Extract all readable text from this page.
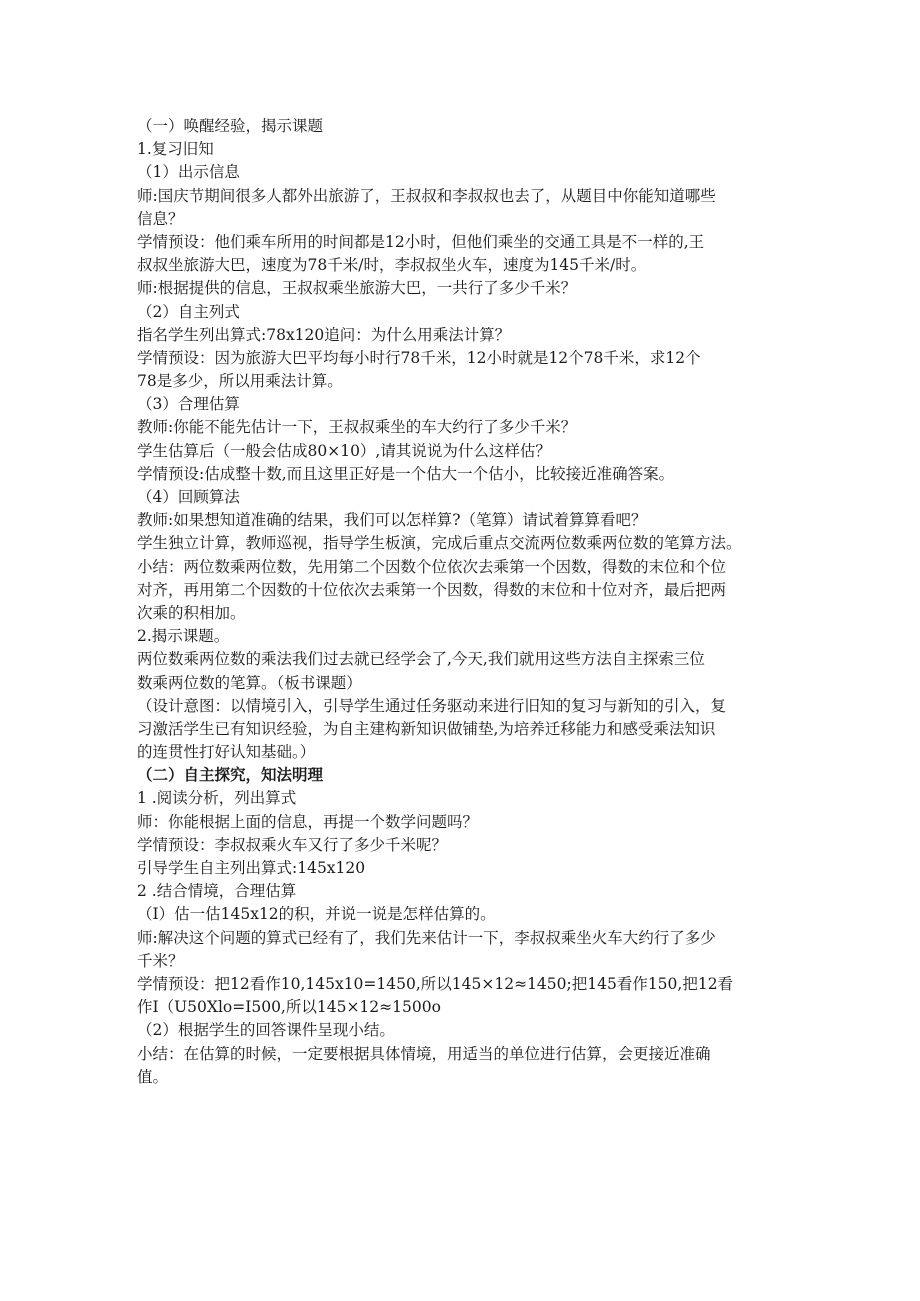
（一）唤醒经验，揭示课题
1.复习旧知
（1）出示信息
师:国庆节期间很多人都外出旅游了，王叔叔和李叔叔也去了，从题目中你能知道哪些
信息？
学情预设：他们乘车所用的时间都是12小时，但他们乘坐的交通工具是不一样的,王
叔叔坐旅游大巴，速度为78千米/时，李叔叔坐火车，速度为145千米/时。
师:根据提供的信息，王叔叔乘坐旅游大巴，一共行了多少千米？
（2）自主列式
指名学生列出算式:78x120追问：为什么用乘法计算？
学情预设：因为旅游大巴平均每小时行78千米，12小时就是12个78千米，求12个
78是多少，所以用乘法计算。
（3）合理估算
教师:你能不能先估计一下，王叔叔乘坐的车大约行了多少千米？
学生估算后（一般会估成80×10）,请其说说为什么这样估？
学情预设:估成整十数,而且这里正好是一个估大一个估小，比较接近准确答案。
（4）回顾算法
教师:如果想知道准确的结果，我们可以怎样算?（笔算）请试着算算看吧？
学生独立计算，教师巡视，指导学生板演，完成后重点交流两位数乘两位数的笔算方法。
小结：两位数乘两位数，先用第二个因数个位依次去乘第一个因数，得数的末位和个位
对齐，再用第二个因数的十位依次去乘第一个因数，得数的末位和十位对齐，最后把两
次乘的积相加。
2.揭示课题。
两位数乘两位数的乘法我们过去就已经学会了,今天,我们就用这些方法自主探索三位
数乘两位数的笔算。（板书课题）
（设计意图：以情境引入，引导学生通过任务驱动来进行旧知的复习与新知的引入，复
习激活学生已有知识经验，为自主建构新知识做铺垫,为培养迁移能力和感受乘法知识
的连贯性打好认知基础。）
（二）自主探究，知法明理
1 .阅读分析，列出算式
师：你能根据上面的信息，再提一个数学问题吗？
学情预设：李叔叔乘火车又行了多少千米呢？
引导学生自主列出算式:145x120
2 .结合情境，合理估算
（I）估一估145x12的积，并说一说是怎样估算的。
师:解决这个问题的算式已经有了，我们先来估计一下，李叔叔乘坐火车大约行了多少
千米？
学情预设：把12看作10,145x10=1450,所以145×12≈1450;把145看作150,把12看
作I（U50Xlo=I500,所以145×12≈1500o
（2）根据学生的回答课件呈现小结。
小结：在估算的时候，一定要根据具体情境，用适当的单位进行估算，会更接近准确
值。
